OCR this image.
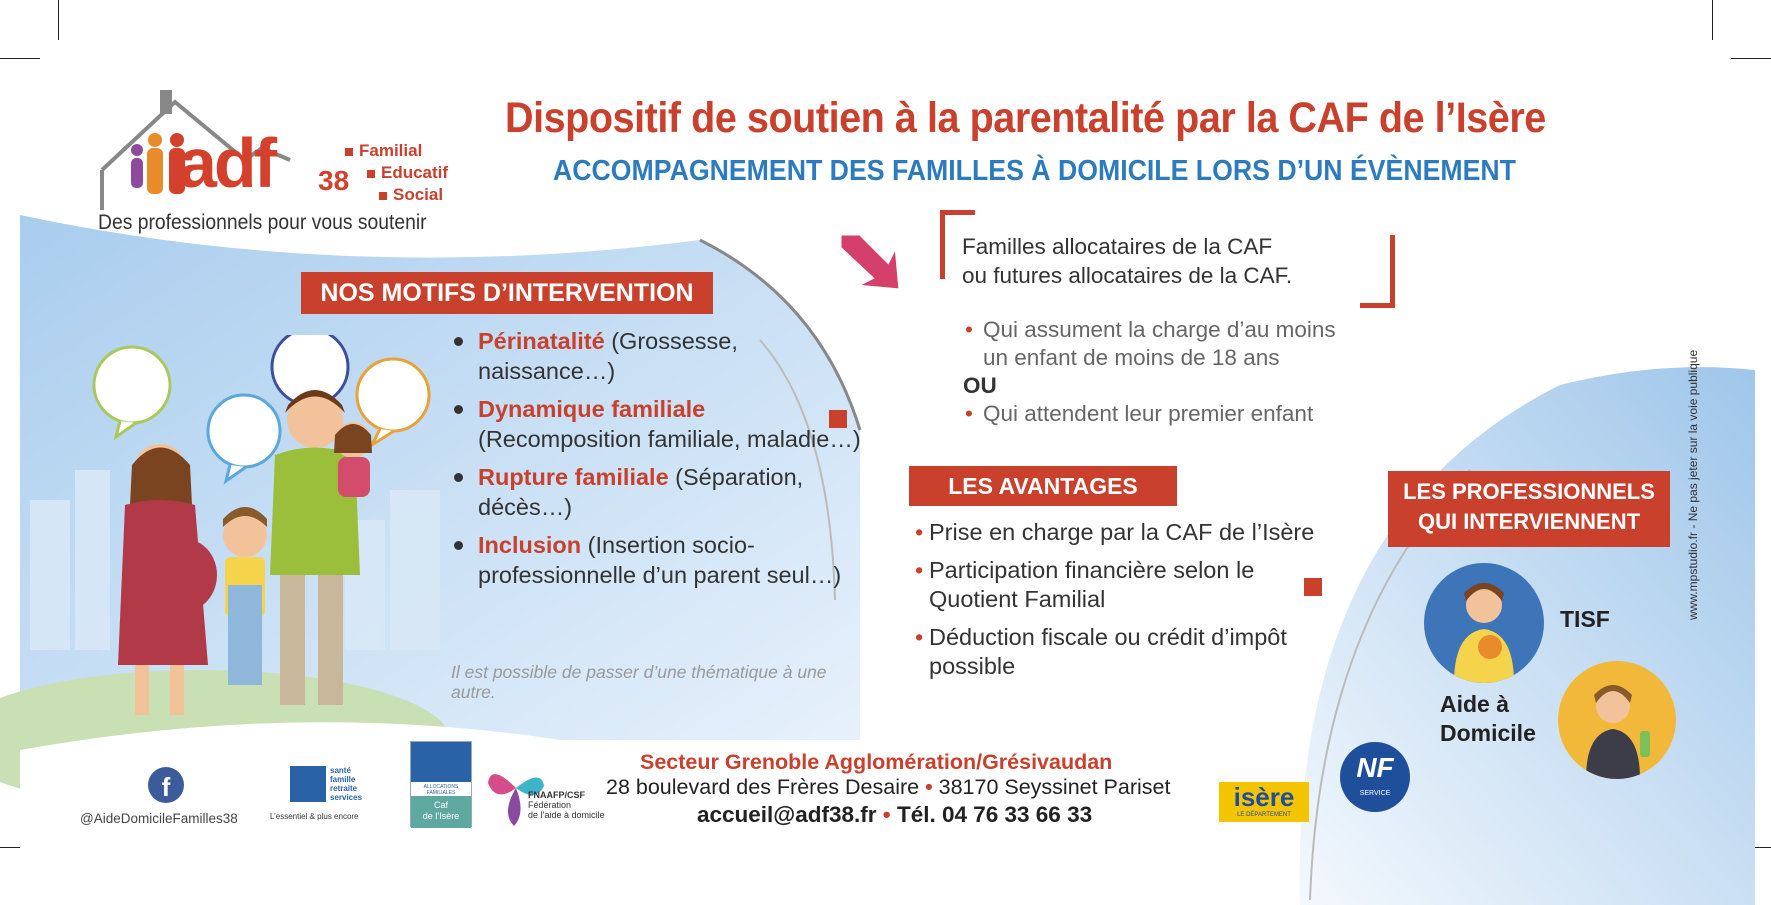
adf 38
Familial
Educatif
Social
Des professionnels pour vous soutenir
Dispositif de soutien à la parentalité par la CAF de l’Isère
ACCOMPAGNEMENT DES FAMILLES À DOMICILE LORS D’UN ÉVÈNEMENT
NOS MOTIFS D’INTERVENTION
Périnatalité (Grossesse, naissance…)
Dynamique familiale (Recomposition familiale, maladie…)
Rupture familiale (Séparation, décès…)
Inclusion (Insertion socio-professionnelle d’un parent seul…)
Il est possible de passer d’une thématique à une autre.
Familles allocataires de la CAF
ou futures allocataires de la CAF.
• Qui assument la charge d’au moins
un enfant de moins de 18 ans
OU
• Qui attendent leur premier enfant
LES AVANTAGES
• Prise en charge par la CAF de l’Isère
• Participation financière selon le Quotient Familial
• Déduction fiscale ou crédit d’impôt possible
LES PROFESSIONNELS
QUI INTERVIENNENT
TISF
Aide à
Domicile
Secteur Grenoble Agglomération/Grésivaudan
28 boulevard des Frères Desaire • 38170 Seyssinet Pariset
accueil@adf38.fr • Tél. 04 76 33 66 33
f
@AideDomicileFamilles38
santé
famille
retraite
services
L’essentiel & plus encore
ALLOCATIONS FAMILIALES
Caf
de l’Isère
FNAAFP/CSF
Fédération
de l’aide à domicile
isère
LE DÉPARTEMENT
NF
SERVICE
www.mpstudio.fr - Ne pas jeter sur la voie publique
